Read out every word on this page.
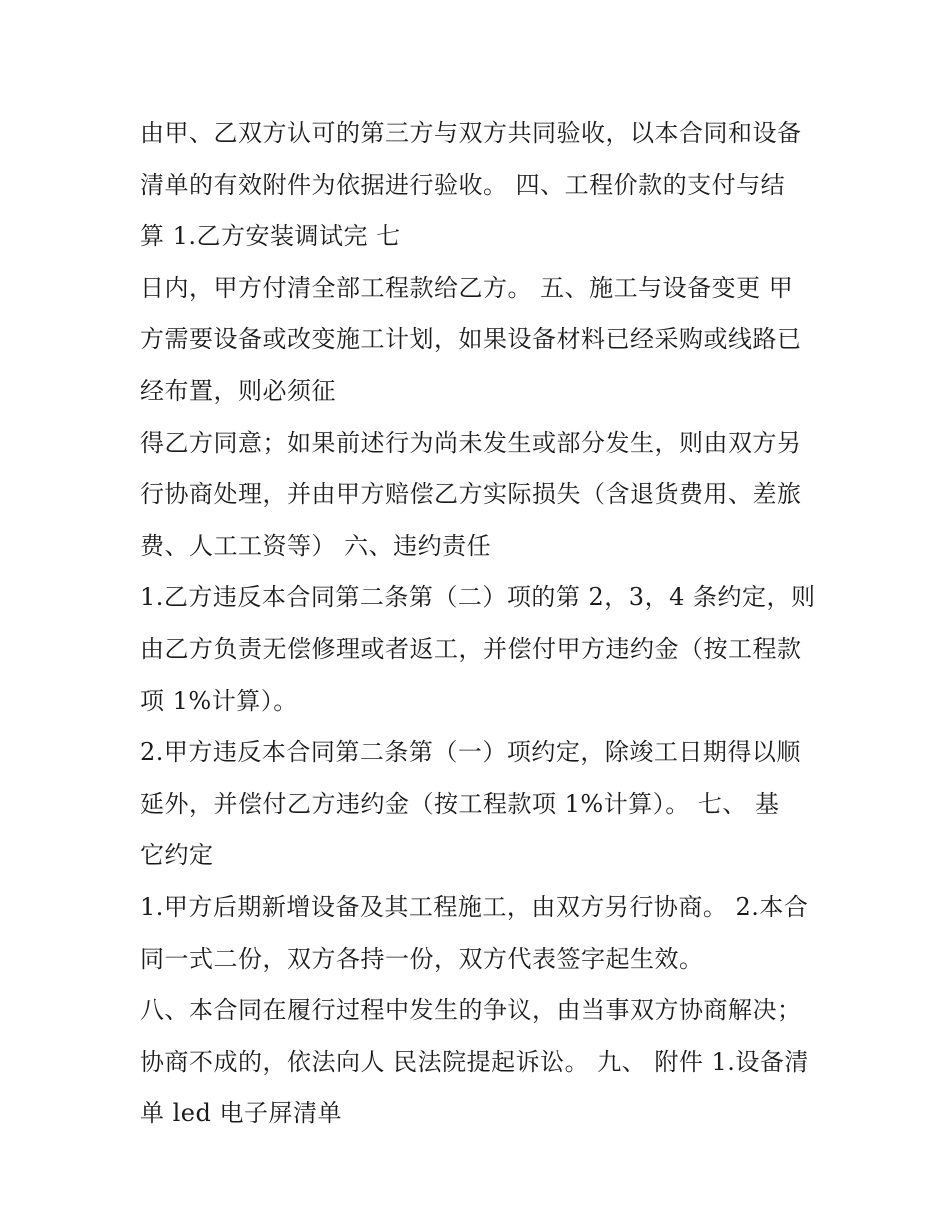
由甲、乙双方认可的第三方与双方共同验收，以本合同和设备
清单的有效附件为依据进行验收。 四、工程价款的支付与结
算 1.乙方安装调试完 七
日内，甲方付清全部工程款给乙方。 五、施工与设备变更 甲
方需要设备或改变施工计划，如果设备材料已经采购或线路已
经布置，则必须征
得乙方同意；如果前述行为尚未发生或部分发生，则由双方另
行协商处理，并由甲方赔偿乙方实际损失（含退货费用、差旅
费、人工工资等） 六、违约责任
1.乙方违反本合同第二条第（二）项的第 2，3，4 条约定，则
由乙方负责无偿修理或者返工，并偿付甲方违约金（按工程款
项 1%计算）。
2.甲方违反本合同第二条第（一）项约定，除竣工日期得以顺
延外，并偿付乙方违约金（按工程款项 1%计算）。 七、 基
它约定
1.甲方后期新增设备及其工程施工，由双方另行协商。 2.本合
同一式二份，双方各持一份，双方代表签字起生效。
八、本合同在履行过程中发生的争议，由当事双方协商解决；
协商不成的，依法向人 民法院提起诉讼。 九、 附件 1.设备清
单 led 电子屏清单
